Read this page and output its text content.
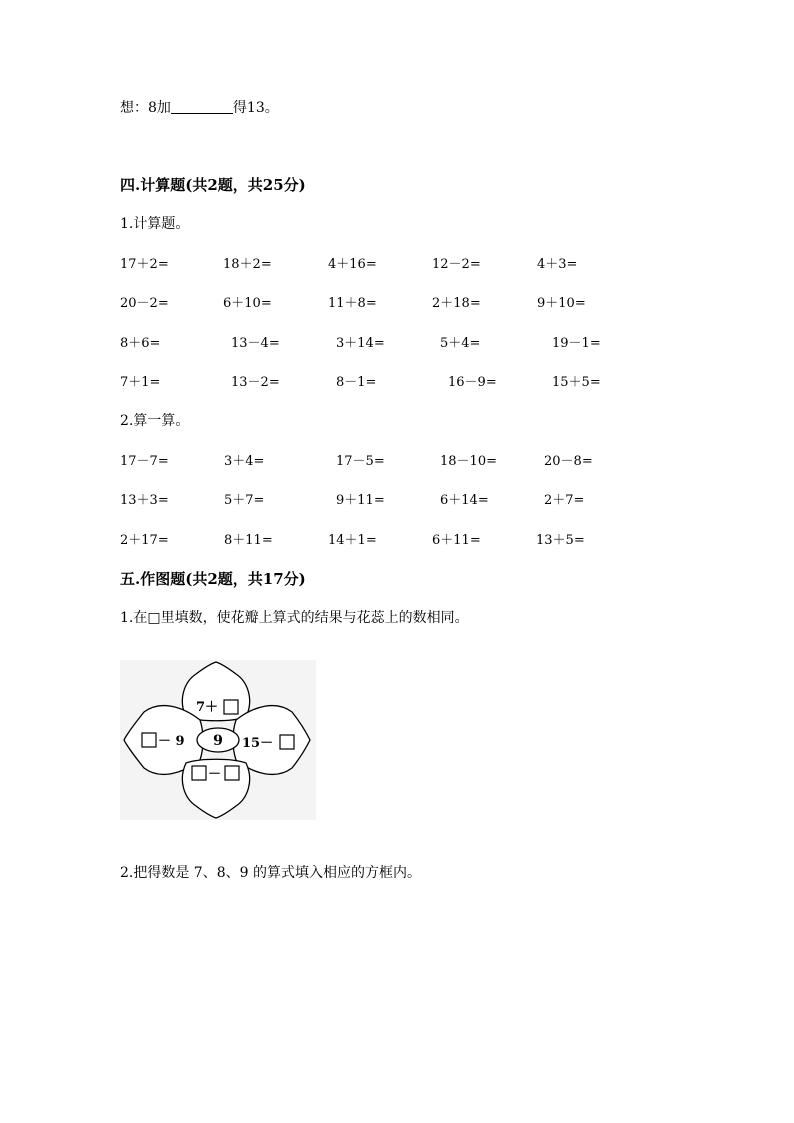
想：8加	得13。
四.计算题(共2题，共25分)
1.计算题。
17＋2=	18＋2=	4＋16=	12－2=	4＋3=
20－2=	6＋10=	11＋8=	2＋18=	9＋10=
8＋6=	13－4=	3＋14=	5＋4=	19－1=
7＋1=	13－2=	8－1=	16－9=	15＋5=
2.算一算。
17－7=	3＋4=	17－5=	18－10=	20－8=
13＋3=	5＋7=	9＋11=	6＋14=	2＋7=
2＋17=	8＋11=	14＋1=	6＋11=	13＋5=
五.作图题(共2题，共17分)
1.在□里填数，使花瓣上算式的结果与花蕊上的数相同。
9
7＋
－ 9	15－
－
2.把得数是 7、8、9 的算式填入相应的方框内。
